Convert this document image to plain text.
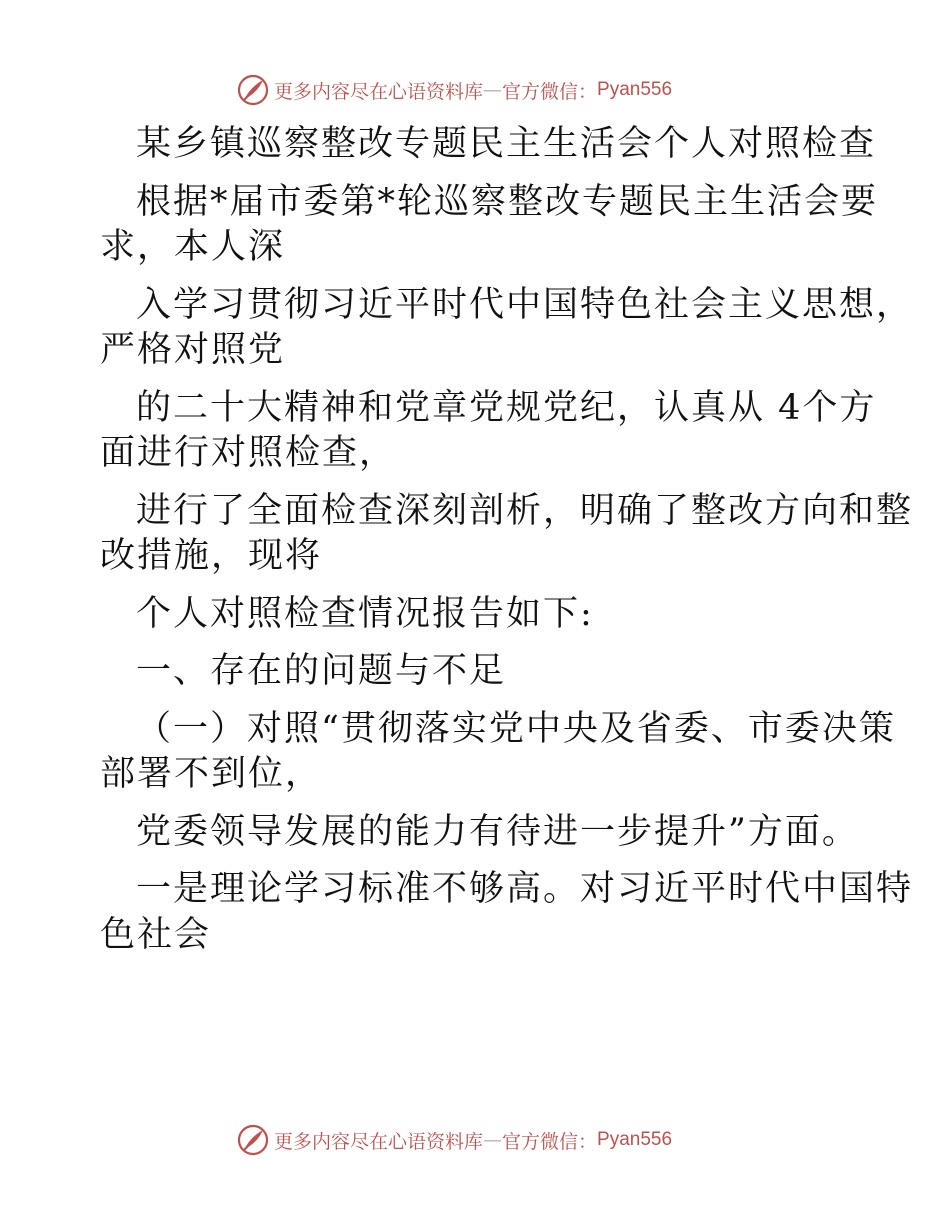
更多内容尽在心语资料库 — 官方微信： Pyan556
某乡镇巡察整改专题民主生活会个人对照检查
根据*届市委第*轮巡察整改专题民主生活会要
求，本人深
入学习贯彻习近平时代中国特色社会主义思想，
严格对照党
的二十大精神和党章党规党纪，认真从 4个方
面进行对照检查，
进行了全面检查深刻剖析，明确了整改方向和整
改措施，现将
个人对照检查情况报告如下:
一、存在的问题与不足
（一）对照“贯彻落实党中央及省委、市委决策
部署不到位，
党委领导发展的能力有待进一步提升”方面。
一是理论学习标准不够高。对习近平时代中国特
色社会
更多内容尽在心语资料库 — 官方微信： Pyan556
